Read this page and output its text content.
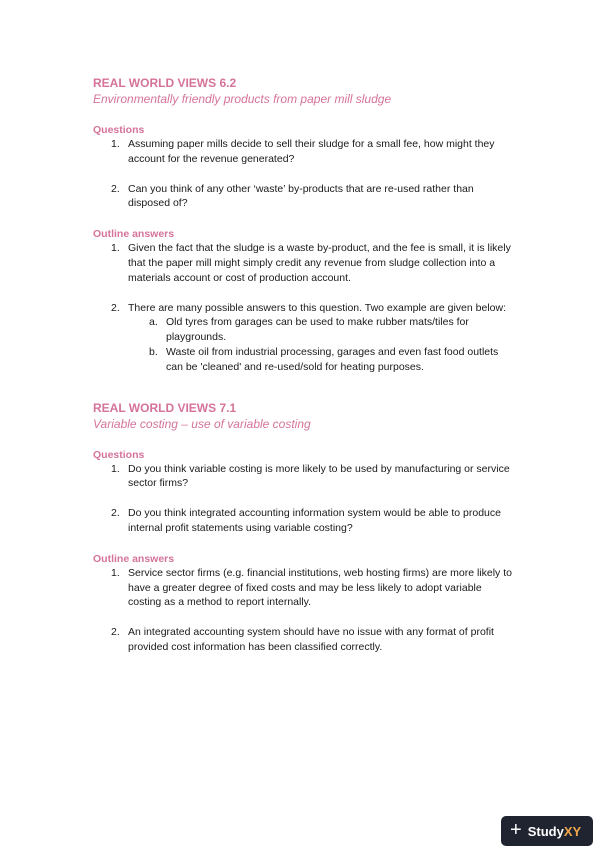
REAL WORLD VIEWS 6.2

Environmentally friendly products from paper mill sludge

Questions

1. Assuming paper mills decide to sell their sludge for a small fee, how might they account for the revenue generated?
2. Can you think of any other ‘waste’ by-products that are re-used rather than disposed of?

Outline answers

1. Given the fact that the sludge is a waste by-product, and the fee is small, it is likely that the paper mill might simply credit any revenue from sludge collection into a materials account or cost of production account.
2. There are many possible answers to this question. Two example are given below:
a. Old tyres from garages can be used to make rubber mats/tiles for playgrounds.
b. Waste oil from industrial processing, garages and even fast food outlets can be 'cleaned' and re-used/sold for heating purposes.

REAL WORLD VIEWS 7.1

Variable costing – use of variable costing

Questions

1. Do you think variable costing is more likely to be used by manufacturing or service sector firms?
2. Do you think integrated accounting information system would be able to produce internal profit statements using variable costing?

Outline answers

1. Service sector firms (e.g. financial institutions, web hosting firms) are more likely to have a greater degree of fixed costs and may be less likely to adopt variable costing as a method to report internally.
2. An integrated accounting system should have no issue with any format of profit provided cost information has been classified correctly.
+ StudyXY
